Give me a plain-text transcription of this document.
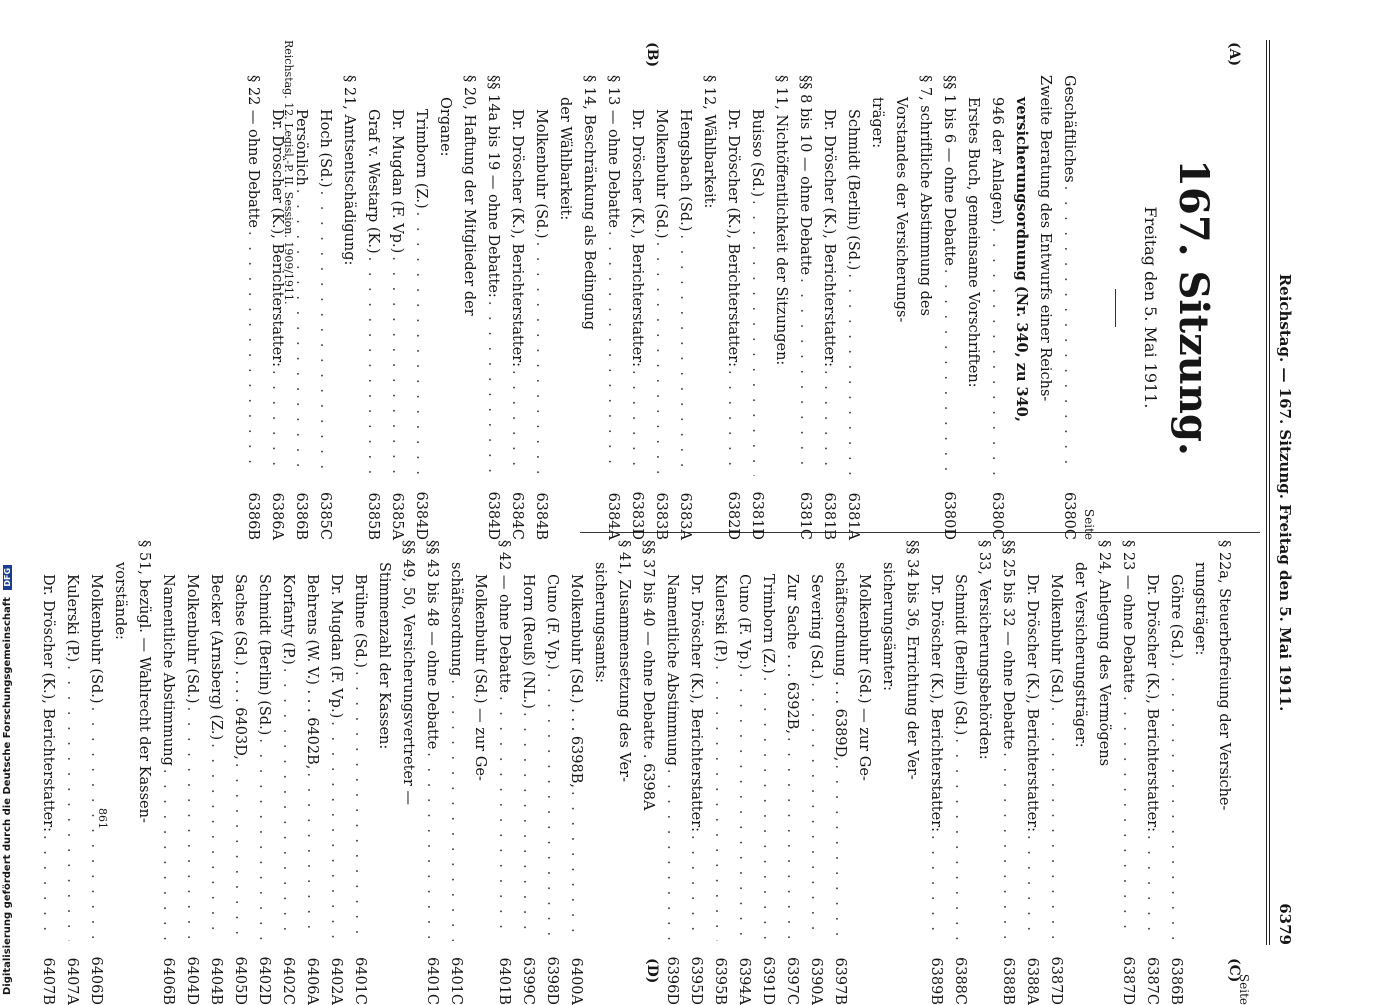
Reichstag. — 167. Sitzung. Freitag den 5. Mai 1911.
6379
(A)
(B)
(C)
(D)
167. Sitzung.
Freitag den 5. Mai 1911.
Seite
Geschäftliches
. . .
6380C
Zweite Beratung des Entwurfs einer Reichs-
versicherungsordnung (Nr. 340, zu 340,
946 der Anlagen)
. . .
6380C
Erstes Buch, gemeinsame Vorschriften:
§§ 1 bis 6 — ohne Debatte
. . .
6380D
§ 7, schriftliche Abstimmung des
Vorstandes der Versicherungs-
träger:
Schmidt (Berlin) (Sd.)
. . .
6381A
Dr. Dröscher (K.), Berichterstatter:
. . .
6381B
§§ 8 bis 10 — ohne Debatte
. . .
6381C
§ 11, Nichtöffentlichkeit der Sitzungen:
Buisso (Sd.)
. . .
6381D
Dr. Dröscher (K.), Berichterstatter:
. . .
6382D
§ 12, Wählbarkeit:
Hengsbach (Sd.)
. . .
6383A
Molkenbuhr (Sd.)
. . .
6383B
Dr. Dröscher (K.), Berichterstatter:
. . .
6383D
§ 13 — ohne Debatte
. . .
6384A
§ 14, Beschränkung als Bedingung
der Wählbarkeit:
Molkenbuhr (Sd.)
. . .
6384B
Dr. Dröscher (K.), Berichterstatter:
. . .
6384C
§§ 14a bis 19 — ohne Debatte:
. . .
6384D
§ 20, Haftung der Mitglieder der
Organe:
Trimborn (Z.)
. . .
6384D
Dr. Mugdan (F. Vp.)
. . .
6385A
Graf v. Westarp (K.)
. . .
6385B
§ 21, Amtsentschädigung:
Hoch (Sd.)
. . .
6385C
Persönlich
. . .
6386B
Dr. Dröscher (K.), Berichterstatter:
. . .
6386A
§ 22 — ohne Debatte
. . .
6386B
Seite
§ 22a, Steuerbefreiung der Versiche-
rungsträger:
Göhre (Sd.)
. . .
6386B
Dr. Dröscher (K.), Berichterstatter:
. . .
6387C
§ 23 — ohne Debatte
. . .
6387D
§ 24, Anlegung des Vermögens
der Versicherungsträger:
Molkenbuhr (Sd.)
. . .
6387D
Dr. Dröscher (K.), Berichterstatter:
. . .
6388A
§§ 25 bis 32 — ohne Debatte
. . .
6388B
§ 33, Versicherungsbehörden:
Schmidt (Berlin) (Sd.)
. . .
6388C
Dr. Dröscher (K.), Berichterstatter:
. . .
6389B
§§ 34 bis 36, Errichtung der Ver-
sicherungsämter:
Molkenbuhr (Sd.) — zur Ge-
schäftsordnung . . . 6389D,
. . .
6397B
Severing (Sd.)
. . .
6390A
Zur Sache . . . 6392B,
. . .
6397C
Trimborn (Z.)
. . .
6391D
Cuno (F. Vp.)
. . .
6394A
Kulerski (P.)
. . .
6395B
Dr. Dröscher (K.), Berichterstatter:
. . .
6395D
Namentliche Abstimmung
. . .
6396D
§§ 37 bis 40 — ohne Debatte . 6398A
§ 41, Zusammensetzung des Ver-
sicherungsamts:
Molkenbuhr (Sd.) . . . 6398B,
. . .
6400A
Cuno (F. Vp.)
. . .
6398D
Horn (Reuß) (NL.)
. . .
6399C
§ 42 — ohne Debatte
. . .
6401B
Molkenbuhr (Sd.) — zur Ge-
schäftsordnung
. . .
6401C
§§ 43 bis 48 — ohne Debatte
. . .
6401C
§§ 49, 50, Versicherungsvertreter —
Stimmenzahl der Kassen:
Brühne (Sd.)
. . .
6401C
Dr. Mugdan (F. Vp.)
. . .
6402A
Behrens (W. V.) . . . 6402B,
. . .
6406A
Korfanty (P.)
. . .
6402C
Schmidt (Berlin) (Sd.)
. . .
6402D
Sachse (Sd.) . . . . 6403D,
. . .
6405D
Becker (Arnsberg) (Z.)
. . .
6404B
Molkenbuhr (Sd.)
. . .
6404D
Namentliche Abstimmung
. . .
6406B
§ 51, bezügl. — Wahlrecht der Kassen-
vorstände:
Molkenbuhr (Sd.)
. . .
6406D
Kulerski (P.)
. . .
6407A
Dr. Dröscher (K.), Berichterstatter:
. . .
6407B
Reichstag. 12. Legisl.-P. II. Session. 1909/1911.
Digitalisierung gefördert durch die Deutsche Forschungsgemeinschaft DFG
861
